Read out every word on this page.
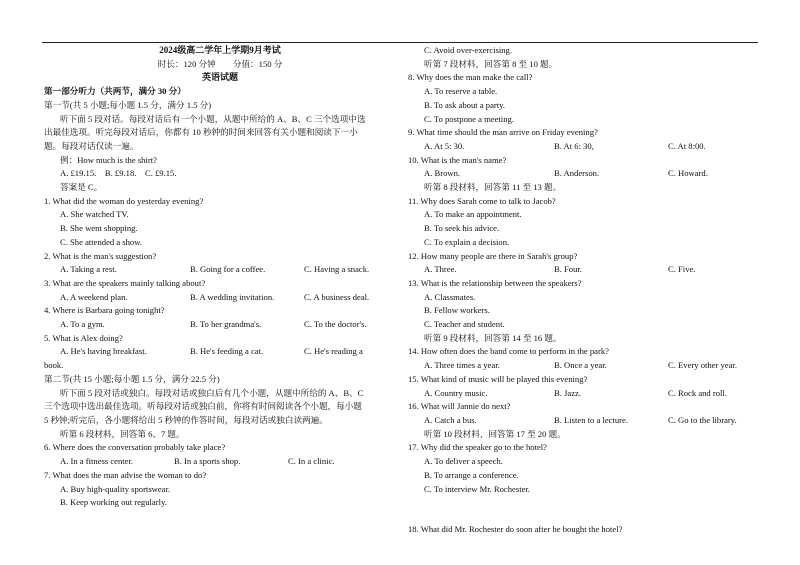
2024级高二学年上学期9月考试
时长：120 分钟　　分值：150 分
英语试题
第一部分听力（共两节，满分 30 分）
第一节(共 5 小题;每小题 1.5 分，满分 1.5 分)
听下面 5 段对话。每段对话后有一个小题，从题中所给的 A、B、C 三个选项中选
出最佳选项。听完每段对话后，你都有 10 秒钟的时间来回答有关小题和阅读下一小
题。每段对话仅读一遍。
例：How much is the shirt?
A. £19.15.　B. £9.18.　C. £9.15.
答案是 C。
1. What did the woman do yesterday evening?
A. She watched TV.
B. She went shopping.
C. She attended a show.
2. What is the man's suggestion?
A. Taking a rest.	B. Going for a coffee.	C. Having a snack.
3. What are the speakers mainly talking about?
A. A weekend plan.	B. A wedding invitation.	C. A business deal.
4. Where is Barbara going tonight?
A. To a gym.	B. To her grandma's.	C. To the doctor's.
5. What is Alex doing?
A. He's having breakfast.	B. He's feeding a cat.	C. He's reading a
book.
第二节(共 15 小题;每小题 1.5 分，满分 22.5 分)
听下面 5 段对话或独白。每段对话或独白后有几个小题，从题中所给的 A、B、C
三个选项中选出最佳选项。听每段对话或独白前，你将有时间阅读各个小题，每小题
5 秒钟;听完后，各小题将给出 5 秒钟的作答时间，每段对话或独白读两遍。
听第 6 段材料，回答第 6、7 题。
6. Where does the conversation probably take place?
A. In a fitness center.	B. In a sports shop.	C. In a clinic.
7. What does the man advise the woman to do?
A. Buy high-quality sportswear.
B. Keep working out regularly.
C. Avoid over-exercising.
听第 7 段材料，回答第 8 至 10 题。
8. Why does the man make the call?
A. To reserve a table.
B. To ask about a party.
C. To postpone a meeting.
9. What time should the man arrive on Friday evening?
A. At 5: 30.	B. At 6: 30,	C. At 8:00.
10. What is the man's name?
A. Brown.	B. Anderson.	C. Howard.
听第 8 段材料，回答第 11 至 13 题。
11. Why does Sarah come to talk to Jacob?
A. To make an appointment.
B. To seek his advice.
C. To explain a decision.
12. How many people are there in Sarah's group?
A. Three.	B. Four.	C. Five.
13. What is the relationship between the speakers?
A. Classmates.
B. Fellow workers.
C. Teacher and student.
听第 9 段材料，回答第 14 至 16 题。
14. How often does the band come to perform in the park?
A. Three times a year.	B. Once a year.	C. Every other year.
15. What kind of music will be played this evening?
A. Country music.	B. Jazz.	C. Rock and roll.
16. What will Jannie do next?
A. Catch a bus.	B. Listen to a lecture.	C. Go to the library.
听第 10 段材料，回答第 17 至 20 题。
17. Why did the speaker go to the hotel?
A. To deliver a speech.
B. To arrange a conference.
C. To interview Mr. Rochester.
18. What did Mr. Rochester do soon after he bought the hotel?
